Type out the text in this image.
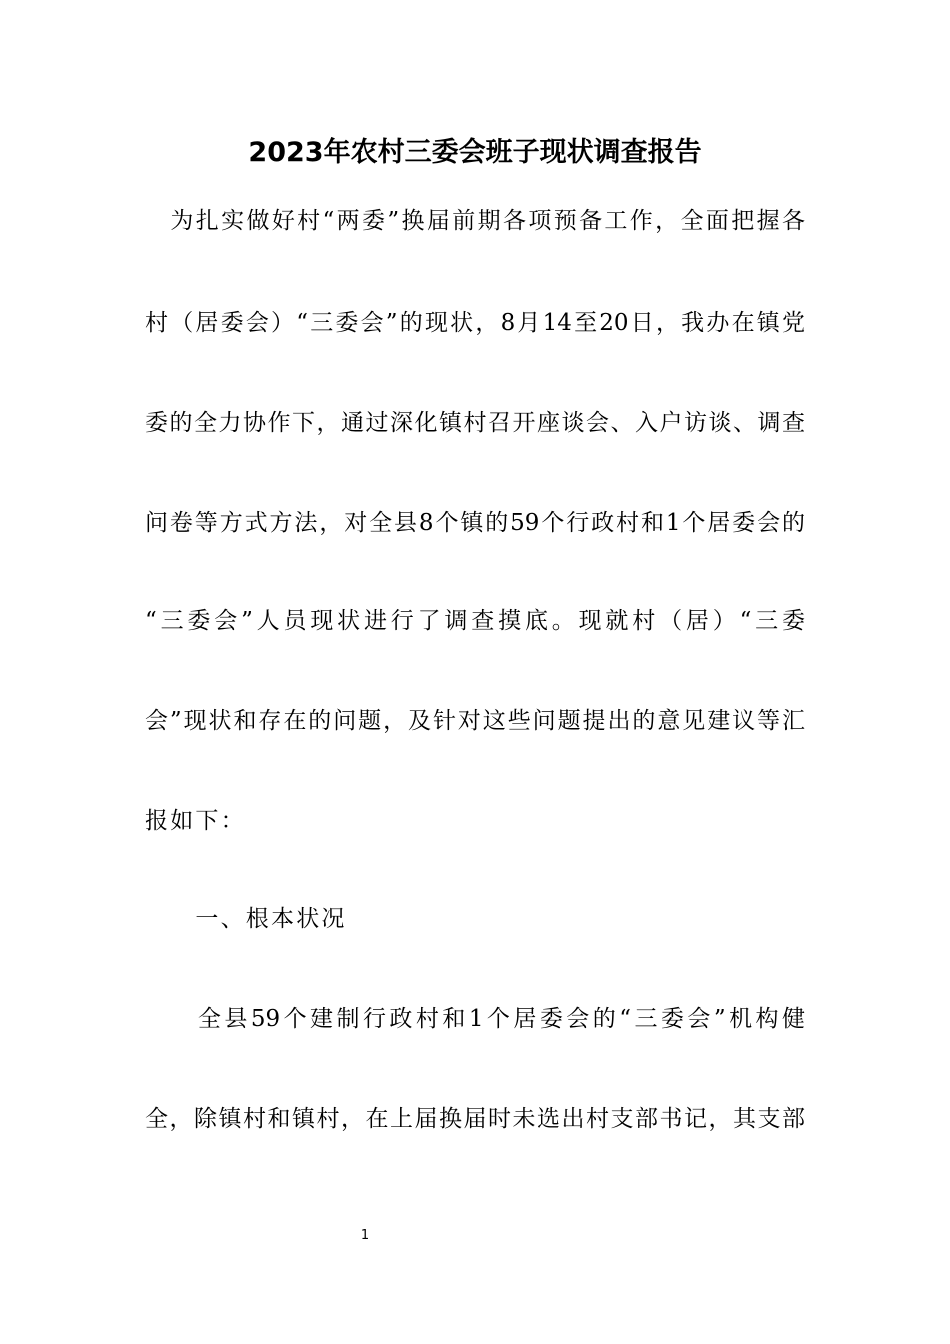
2023年农村三委会班子现状调查报告

　为扎实做好村“两委”换届前期各项预备工作，全面把握各

村（居委会）“三委会”的现状，8月14至20日，我办在镇党

委的全力协作下，通过深化镇村召开座谈会、入户访谈、调查

问卷等方式方法，对全县8个镇的59个行政村和1个居委会的

“三委会”人员现状进行了调查摸底。现就村（居）“三委

会”现状和存在的问题，及针对这些问题提出的意见建议等汇

报如下：

　　一、根本状况

　　全县59个建制行政村和1个居委会的“三委会”机构健

全，除镇村和镇村，在上届换届时未选出村支部书记，其支部

1
